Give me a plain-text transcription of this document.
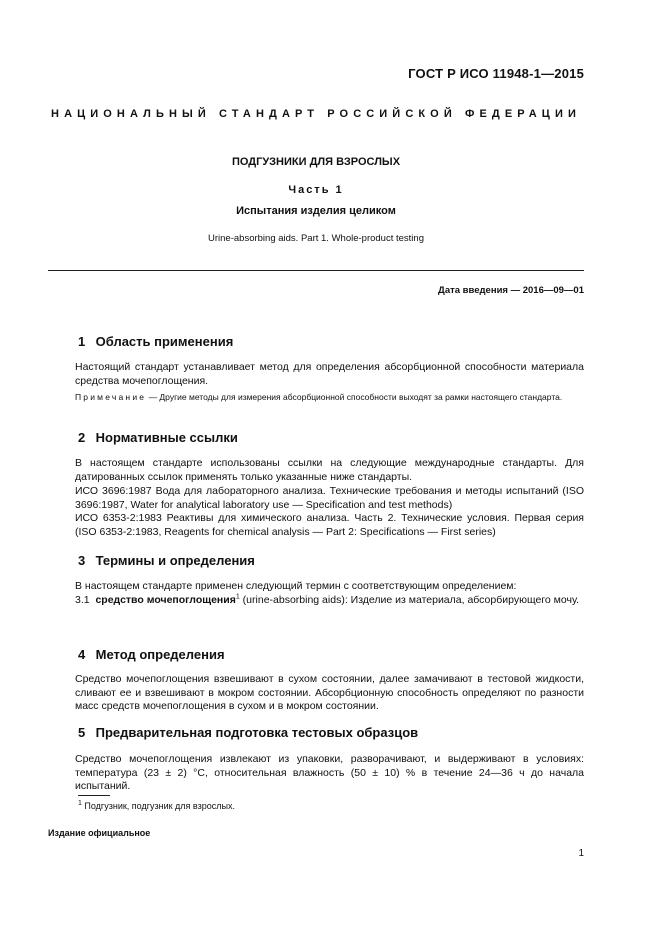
ГОСТ Р ИСО 11948-1—2015
НАЦИОНАЛЬНЫЙ СТАНДАРТ РОССИЙСКОЙ ФЕДЕРАЦИИ
ПОДГУЗНИКИ ДЛЯ ВЗРОСЛЫХ
Часть 1
Испытания изделия целиком
Urine-absorbing aids. Part 1. Whole-product testing
Дата введения — 2016—09—01
1 Область применения
Настоящий стандарт устанавливает метод для определения абсорбционной способности материала средства мочепоглощения.
Примечание — Другие методы для измерения абсорбционной способности выходят за рамки настоящего стандарта.
2 Нормативные ссылки
В настоящем стандарте использованы ссылки на следующие международные стандарты. Для датированных ссылок применять только указанные ниже стандарты.
ИСО 3696:1987 Вода для лабораторного анализа. Технические требования и методы испытаний (ISO 3696:1987, Water for analytical laboratory use — Specification and test methods)
ИСО 6353-2:1983 Реактивы для химического анализа. Часть 2. Технические условия. Первая серия (ISO 6353-2:1983, Reagents for chemical analysis — Part 2: Specifications — First series)
3 Термины и определения
В настоящем стандарте применен следующий термин с соответствующим определением:
3.1 средство мочепоглощения$^1$ (urine-absorbing aids): Изделие из материала, абсорбирующего мочу.
4 Метод определения
Средство мочепоглощения взвешивают в сухом состоянии, далее замачивают в тестовой жидкости, сливают ее и взвешивают в мокром состоянии. Абсорбционную способность определяют по разности масс средств мочепоглощения в сухом и в мокром состоянии.
5 Предварительная подготовка тестовых образцов
Средство мочепоглощения извлекают из упаковки, разворачивают, и выдерживают в условиях: температура (23 ± 2) °С, относительная влажность (50 ± 10) % в течение 24—36 ч до начала испытаний.
$^1$ Подгузник, подгузник для взрослых.
Издание официальное
1
